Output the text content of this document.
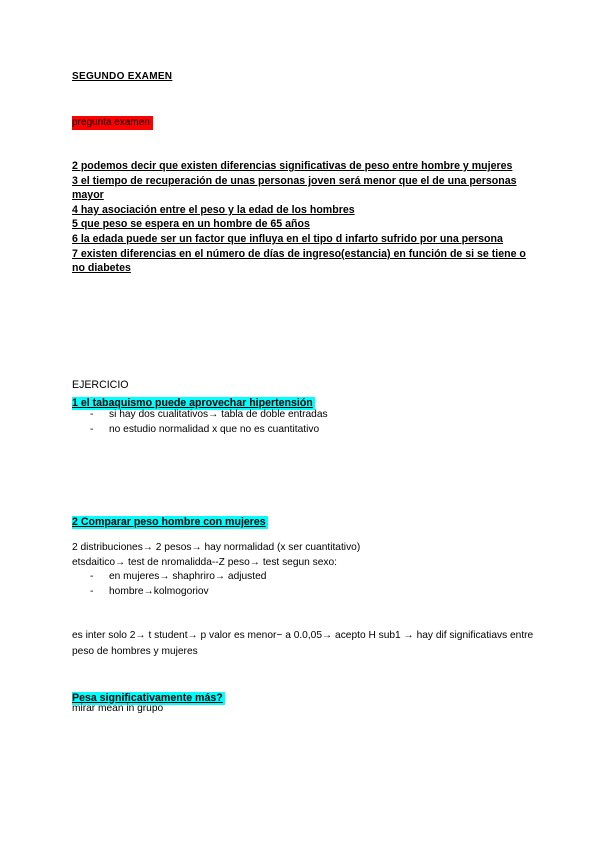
SEGUNDO EXAMEN
pregunta examen
2 podemos decir que existen diferencias significativas de peso entre hombre y mujeres
3 el tiempo de recuperación de unas personas joven será menor que el de una personas mayor
4 hay asociación entre el peso y la edad de los hombres
5 que peso se espera en un hombre de 65 años
6 la edada puede ser un factor que influya en el tipo d infarto sufrido por una persona
7 existen diferencias en el número de días de ingreso(estancia) en función de si se tiene o no diabetes
EJERCICIO
1 el tabaquismo puede aprovechar hipertensión
- si hay dos cualitativos→ tabla de doble entradas
- no estudio normalidad x que no es cuantitativo
2 Comparar peso hombre con mujeres
2 distribuciones→ 2 pesos→ hay normalidad (x ser cuantitativo)
etsdaitico→ test de nromalidda--Z peso→ test segun sexo:
- en mujeres→ shaphriro→ adjusted
- hombre→kolmogoriov
es inter solo 2→ t student→ p valor es menor− a 0.0,05→ acepto H sub1 → hay dif significatiavs entre peso de hombres y mujeres
Pesa significativamente más?
mirar mean in grupo
